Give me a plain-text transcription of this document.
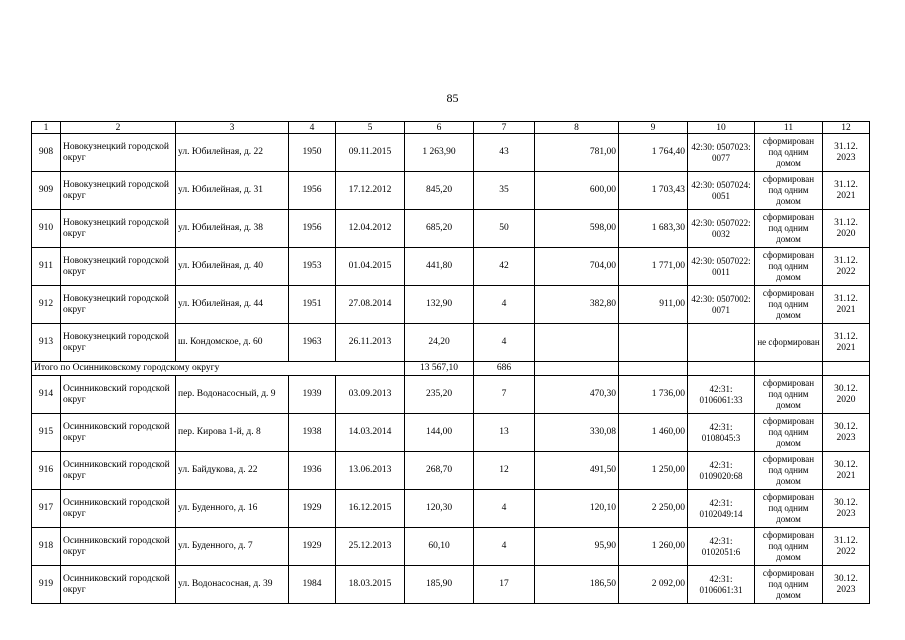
85
1	2	3	4	5	6	7	8	9	10	11	12
908	Новокузнецкий городской округ	ул. Юбилейная, д. 22	1950	09.11.2015	1 263,90	43	781,00	1 764,40	42:30: 0507023: 0077	сформирован под одним домом	31.12. 2023
909	Новокузнецкий городской округ	ул. Юбилейная, д. 31	1956	17.12.2012	845,20	35	600,00	1 703,43	42:30: 0507024: 0051	сформирован под одним домом	31.12. 2021
910	Новокузнецкий городской округ	ул. Юбилейная, д. 38	1956	12.04.2012	685,20	50	598,00	1 683,30	42:30: 0507022: 0032	сформирован под одним домом	31.12. 2020
911	Новокузнецкий городской округ	ул. Юбилейная, д. 40	1953	01.04.2015	441,80	42	704,00	1 771,00	42:30: 0507022: 0011	сформирован под одним домом	31.12. 2022
912	Новокузнецкий городской округ	ул. Юбилейная, д. 44	1951	27.08.2014	132,90	4	382,80	911,00	42:30: 0507002: 0071	сформирован под одним домом	31.12. 2021
913	Новокузнецкий городской округ	ш. Кондомское, д. 60	1963	26.11.2013	24,20	4				не сформирован	31.12. 2021
Итого по Осинниковскому городскому округу					13 567,10	686					
914	Осинниковский городской округ	пер. Водонасосный, д. 9	1939	03.09.2013	235,20	7	470,30	1 736,00	42:31: 0106061:33	сформирован под одним домом	30.12. 2020
915	Осинниковский городской округ	пер. Кирова 1-й, д. 8	1938	14.03.2014	144,00	13	330,08	1 460,00	42:31: 0108045:3	сформирован под одним домом	30.12. 2023
916	Осинниковский городской округ	ул. Байдукова, д. 22	1936	13.06.2013	268,70	12	491,50	1 250,00	42:31: 0109020:68	сформирован под одним домом	30.12. 2021
917	Осинниковский городской округ	ул. Буденного, д. 16	1929	16.12.2015	120,30	4	120,10	2 250,00	42:31: 0102049:14	сформирован под одним домом	30.12. 2023
918	Осинниковский городской округ	ул. Буденного, д. 7	1929	25.12.2013	60,10	4	95,90	1 260,00	42:31: 0102051:6	сформирован под одним домом	31.12. 2022
919	Осинниковский городской округ	ул. Водонасосная, д. 39	1984	18.03.2015	185,90	17	186,50	2 092,00	42:31: 0106061:31	сформирован под одним домом	30.12. 2023
